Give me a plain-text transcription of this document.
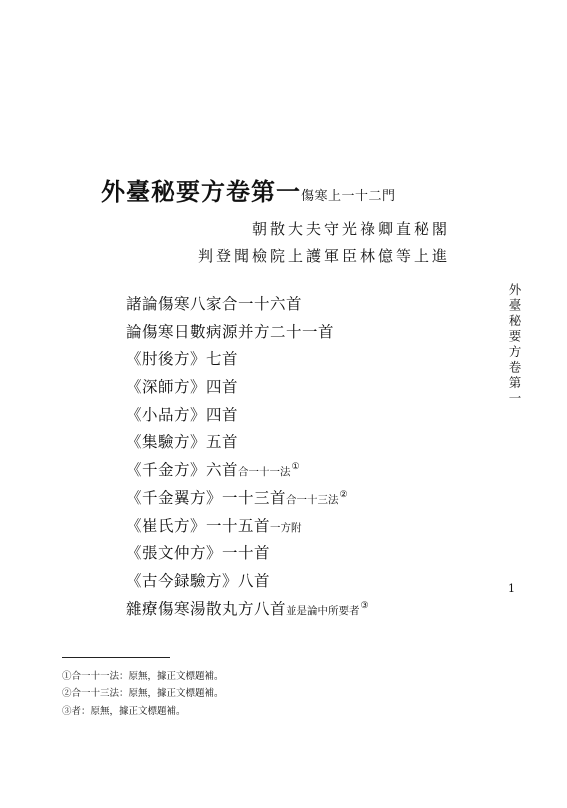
外臺秘要方卷第一傷寒上一十二門
朝散大夫守光祿卿直秘閣
判登聞檢院上護軍臣林億等上進
諸論傷寒八家合一十六首
論傷寒日數病源并方二十一首
《肘後方》七首
《深師方》四首
《小品方》四首
《集驗方》五首
《千金方》六首合一十一法①
《千金翼方》一十三首合一十三法②
《崔氏方》一十五首一方附
《張文仲方》一十首
《古今録驗方》八首
雜療傷寒湯散丸方八首並是論中所要者③
外臺秘要方卷第一
1
①合一十一法：原無，據正文標題補。
②合一十三法：原無，據正文標題補。
③者：原無，據正文標題補。
